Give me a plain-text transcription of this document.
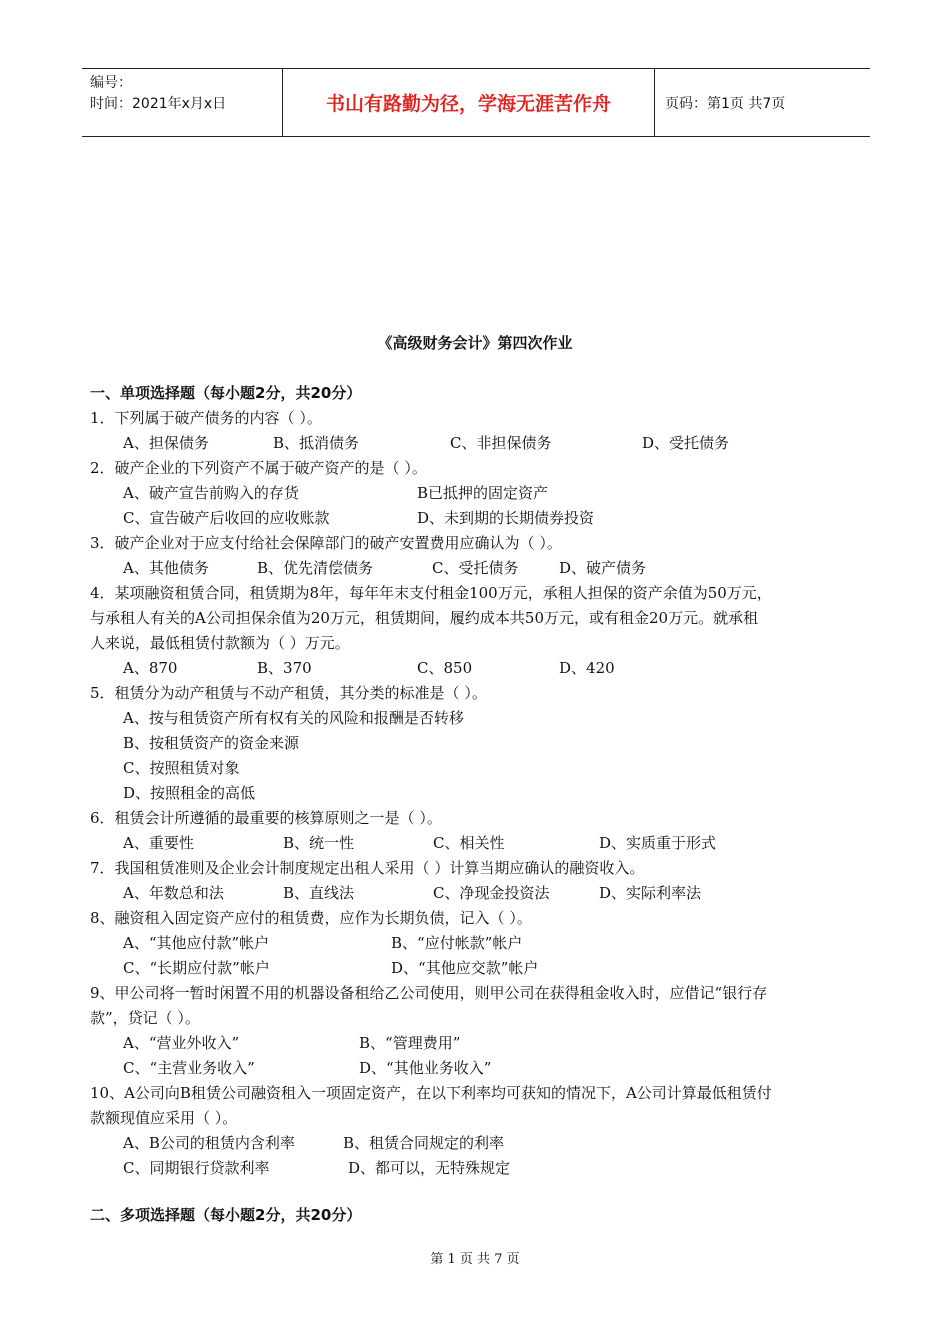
编号：
时间：2021年x月x日	书山有路勤为径，学海无涯苦作舟	页码：第1页 共7页
《高级财务会计》第四次作业
一、单项选择题（每小题2分，共20分）
1．下列属于破产债务的内容（ ）。
A、担保债务	B、抵消债务	C、非担保债务	D、受托债务
2．破产企业的下列资产不属于破产资产的是（ ）。
A、破产宣告前购入的存货	B已抵押的固定资产
C、宣告破产后收回的应收账款	D、未到期的长期债券投资
3．破产企业对于应支付给社会保障部门的破产安置费用应确认为（ ）。
A、其他债务	B、优先清偿债务	C、受托债务	D、破产债务
4．某项融资租赁合同，租赁期为8年，每年年末支付租金100万元，承租人担保的资产余值为50万元，
与承租人有关的A公司担保余值为20万元，租赁期间，履约成本共50万元，或有租金20万元。就承租
人来说，最低租赁付款额为（ ）万元。
A、870	B、370	C、850	D、420
5．租赁分为动产租赁与不动产租赁，其分类的标准是（ ）。
A、按与租赁资产所有权有关的风险和报酬是否转移
B、按租赁资产的资金来源
C、按照租赁对象
D、按照租金的高低
6．租赁会计所遵循的最重要的核算原则之一是（ ）。
A、重要性	B、统一性	C、相关性	D、实质重于形式
7．我国租赁准则及企业会计制度规定出租人采用（ ）计算当期应确认的融资收入。
A、年数总和法	B、直线法	C、净现金投资法	D、实际利率法
8、融资租入固定资产应付的租赁费，应作为长期负债，记入（ ）。
A、“其他应付款”帐户	B、“应付帐款”帐户
C、“长期应付款”帐户	D、“其他应交款”帐户
9、甲公司将一暂时闲置不用的机器设备租给乙公司使用，则甲公司在获得租金收入时，应借记“银行存
款”，贷记（ ）。
A、“营业外收入”	B、“管理费用”
C、“主营业务收入”	D、“其他业务收入”
10、A公司向B租赁公司融资租入一项固定资产，在以下利率均可获知的情况下，A公司计算最低租赁付
款额现值应采用（ ）。
A、B公司的租赁内含利率	B、租赁合同规定的利率
C、同期银行贷款利率	D、都可以，无特殊规定
二、多项选择题（每小题2分，共20分）
第 1 页 共 7 页
